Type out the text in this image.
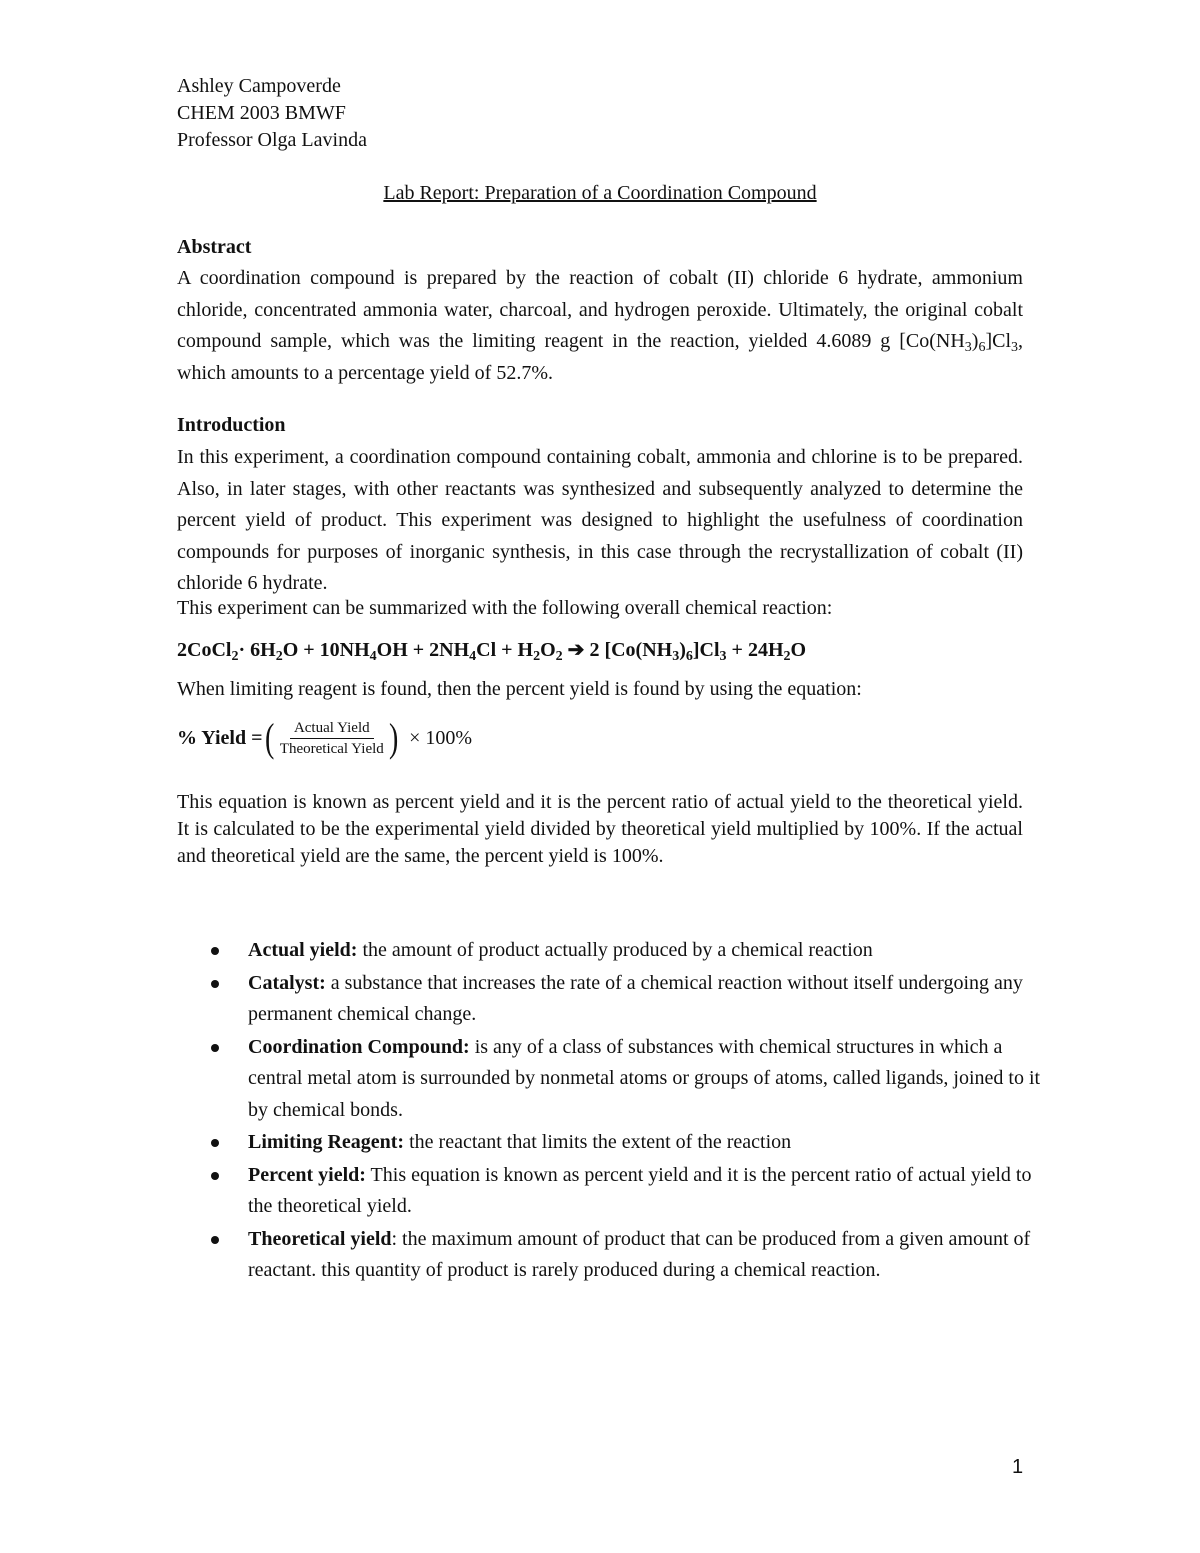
Ashley Campoverde
CHEM 2003 BMWF
Professor Olga Lavinda
Lab Report: Preparation of a Coordination Compound
Abstract
A coordination compound is prepared by the reaction of cobalt (II) chloride 6 hydrate, ammonium chloride, concentrated ammonia water, charcoal, and hydrogen peroxide. Ultimately, the original cobalt compound sample, which was the limiting reagent in the reaction, yielded 4.6089 g $[Co(NH_3)_6]Cl_3$, which amounts to a percentage yield of 52.7%.
Introduction
In this experiment, a coordination compound containing cobalt, ammonia and chlorine is to be prepared. Also, in later stages, with other reactants was synthesized and subsequently analyzed to determine the percent yield of product. This experiment was designed to highlight the usefulness of coordination compounds for purposes of inorganic synthesis, in this case through the recrystallization of cobalt (II) chloride 6 hydrate.
This experiment can be summarized with the following overall chemical reaction:
2CoCl$_2$· $6H_2O + 10NH_4OH + 2NH_4Cl + H_2O_2$ ➔ 2 $[Co(NH_3)_6]Cl_3 + 24H_2O$
When limiting reagent is found, then the percent yield is found by using the equation:
% Yield = ( $\frac{\text{Actual Yield}}{\text{Theoretical Yield}}$ ) × 100%
This equation is known as percent yield and it is the percent ratio of actual yield to the theoretical yield. It is calculated to be the experimental yield divided by theoretical yield multiplied by 100%. If the actual and theoretical yield are the same, the percent yield is 100%.
Actual yield: the amount of product actually produced by a chemical reaction
Catalyst: a substance that increases the rate of a chemical reaction without itself undergoing any permanent chemical change.
Coordination Compound: is any of a class of substances with chemical structures in which a central metal atom is surrounded by nonmetal atoms or groups of atoms, called ligands, joined to it by chemical bonds.
Limiting Reagent: the reactant that limits the extent of the reaction
Percent yield: This equation is known as percent yield and it is the percent ratio of actual yield to the theoretical yield.
Theoretical yield: the maximum amount of product that can be produced from a given amount of reactant. this quantity of product is rarely produced during a chemical reaction.
1
